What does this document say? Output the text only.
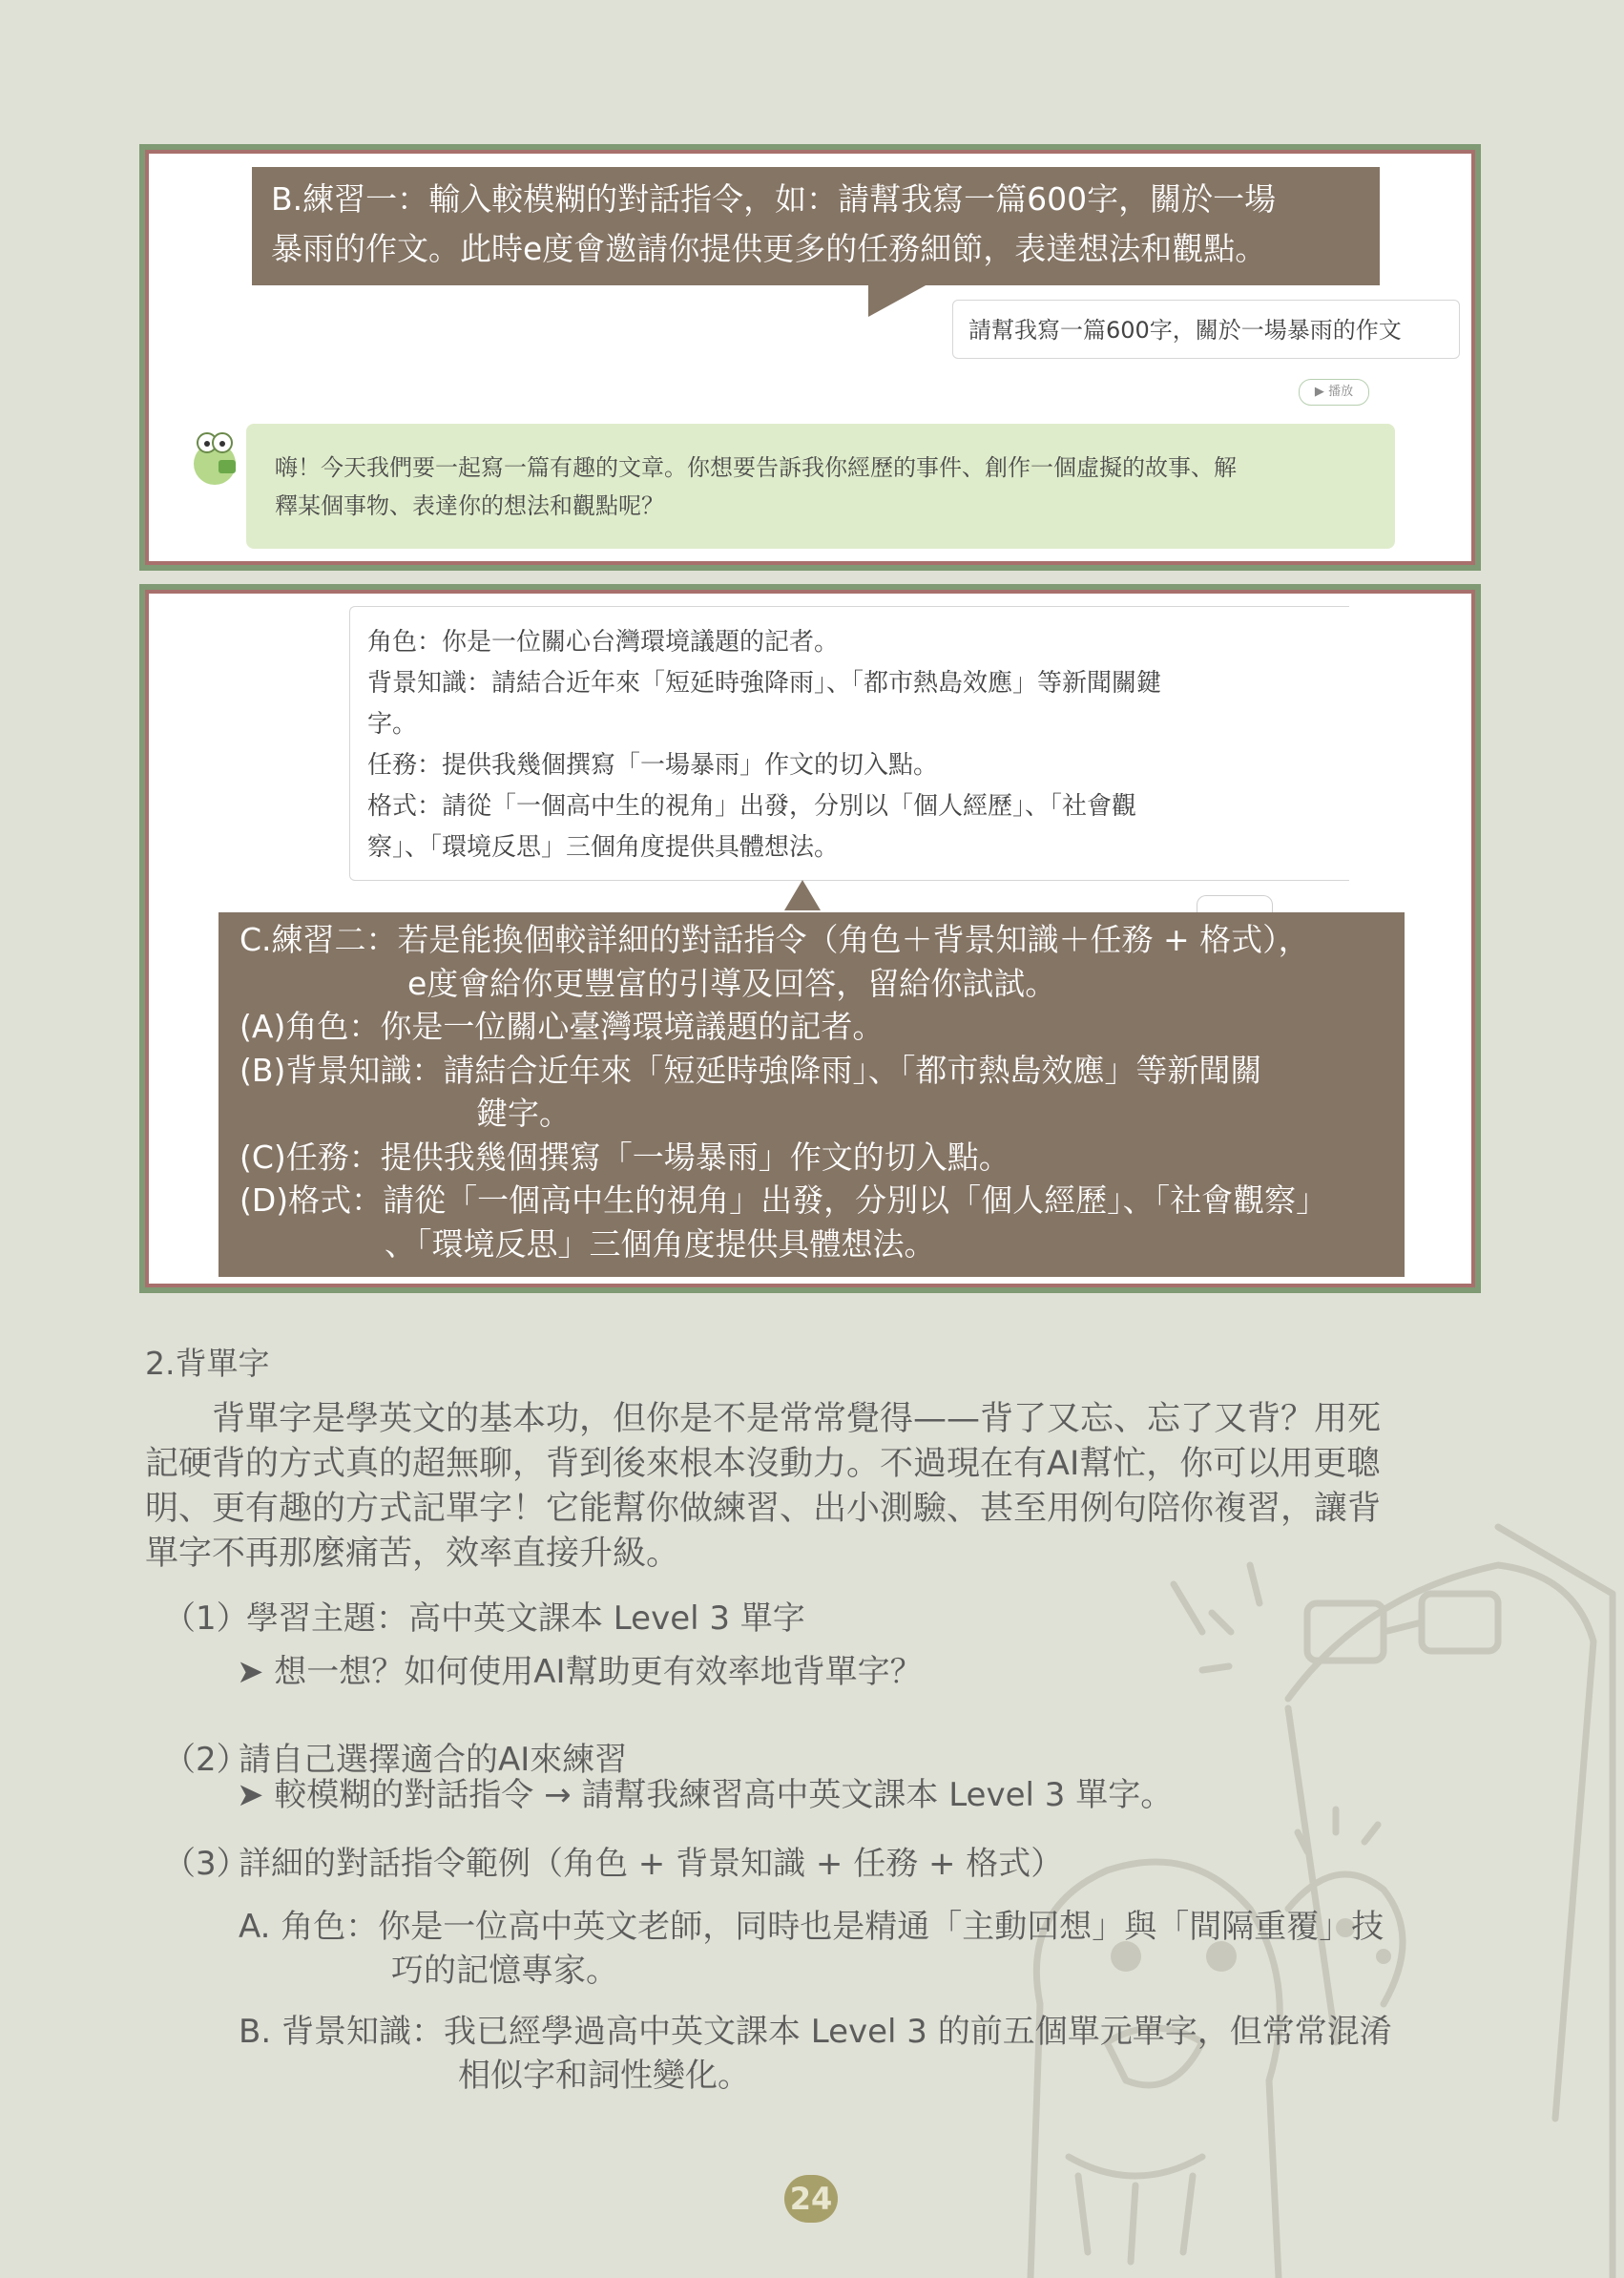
B.練習一：輸入較模糊的對話指令，如：請幫我寫一篇600字，關於一場
暴雨的作文。此時e度會邀請你提供更多的任務細節，表達想法和觀點。
請幫我寫一篇600字，關於一場暴雨的作文
▶ 播放
嗨！今天我們要一起寫一篇有趣的文章。你想要告訴我你經歷的事件、創作一個虛擬的故事、解
釋某個事物、表達你的想法和觀點呢？

角色：你是一位關心台灣環境議題的記者。

背景知識：請結合近年來「短延時強降雨」、「都市熱島效應」等新聞關鍵

字。

任務：提供我幾個撰寫「一場暴雨」作文的切入點。

格式：請從「一個高中生的視角」出發，分別以「個人經歷」、「社會觀

察」、「環境反思」三個角度提供具體想法。

C.練習二：若是能換個較詳細的對話指令（角色＋背景知識＋任務 + 格式），

e度會給你更豐富的引導及回答，留給你試試。

(A)角色：你是一位關心臺灣環境議題的記者。

(B)背景知識：請結合近年來「短延時強降雨」、「都市熱島效應」等新聞關

鍵字。

(C)任務：提供我幾個撰寫「一場暴雨」作文的切入點。

(D)格式：請從「一個高中生的視角」出發，分別以「個人經歷」、「社會觀察」

、「環境反思」三個角度提供具體想法。

2.背單字
　　背單字是學英文的基本功，但你是不是常常覺得——背了又忘、忘了又背？用死
記硬背的方式真的超無聊，背到後來根本沒動力。不過現在有AI幫忙，你可以用更聰
明、更有趣的方式記單字！它能幫你做練習、出小測驗、甚至用例句陪你複習，讓背
單字不再那麼痛苦，效率直接升級。
（1）
學習主題：高中英文課本 Level 3 單字
➤ 想一想？如何使用AI幫助更有效率地背單字？
（2）
請自己選擇適合的AI來練習
➤ 較模糊的對話指令 → 請幫我練習高中英文課本 Level 3 單字。
（3）
詳細的對話指令範例（角色 + 背景知識 + 任務 + 格式）
A. 角色：你是一位高中英文老師，同時也是精通「主動回想」與「間隔重覆」技
巧的記憶專家。
B. 背景知識：我已經學過高中英文課本 Level 3 的前五個單元單字，但常常混淆
相似字和詞性變化。
24
